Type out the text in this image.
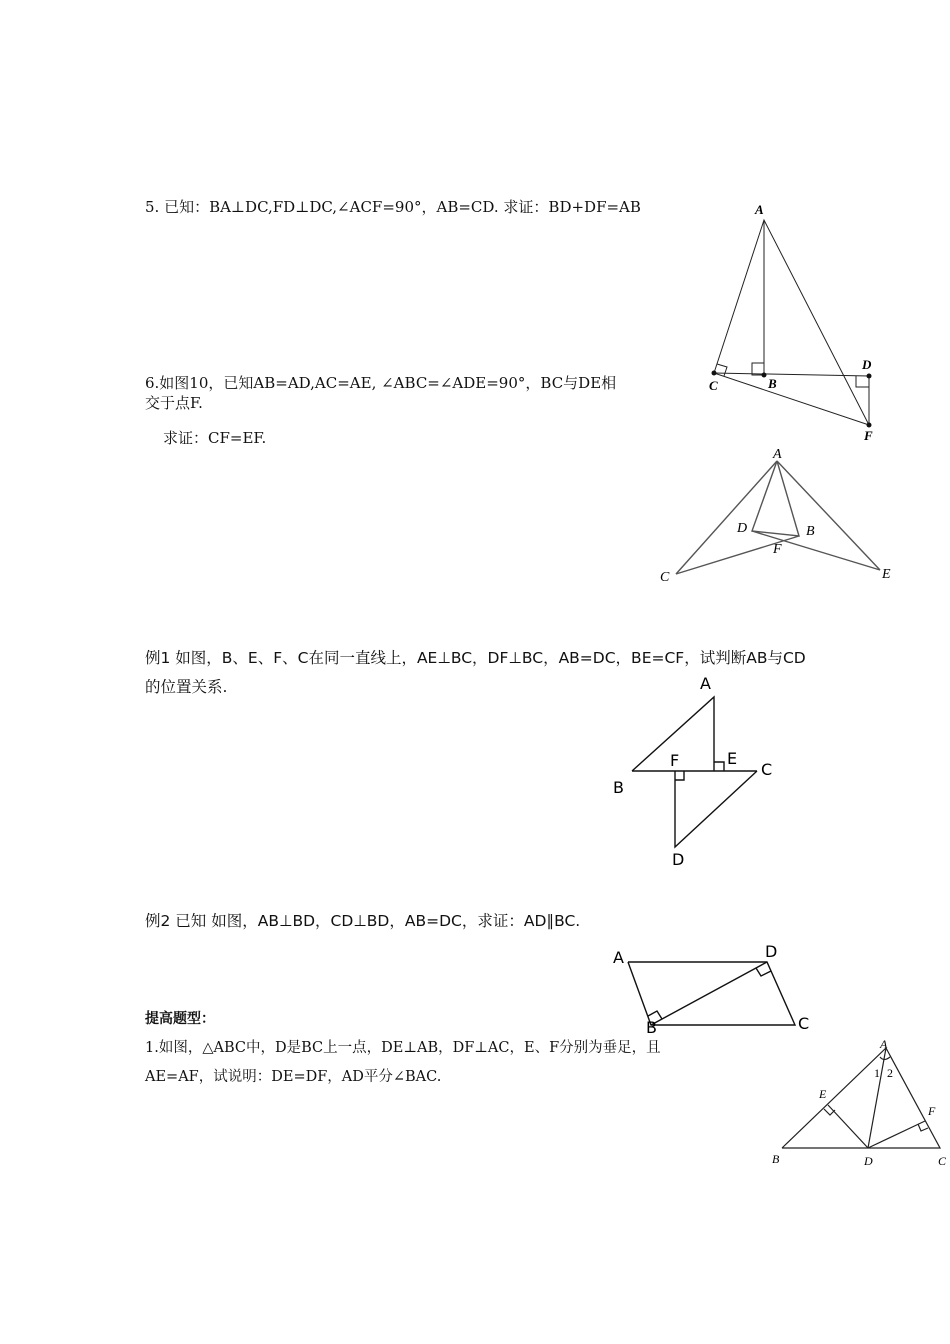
5. 已知：BA⊥DC,FD⊥DC,∠ACF=90°，AB=CD. 求证：BD+DF=AB	A
B
C
D
F
6.如图10，已知AB=AD,AC=AE, ∠ABC=∠ADE=90°，BC与DE相
交于点F.
求证：CF=EF.
A
B
C
D
E
F
例1 如图，B、E、F、C在同一直线上，AE⊥BC，DF⊥BC，AB=DC，BE=CF，试判断AB与CD
的位置关系.	A
B
C
D
E
F
例2 已知 如图，AB⊥BD，CD⊥BD，AB=DC，求证：AD∥BC.
A
B	C
D
提高题型：
1.如图，△ABC中，D是BC上一点，DE⊥AB，DF⊥AC，E、F分别为垂足，且
AE=AF，试说明：DE=DF，AD平分∠BAC.
A
B	C
D
E
F
1 2
